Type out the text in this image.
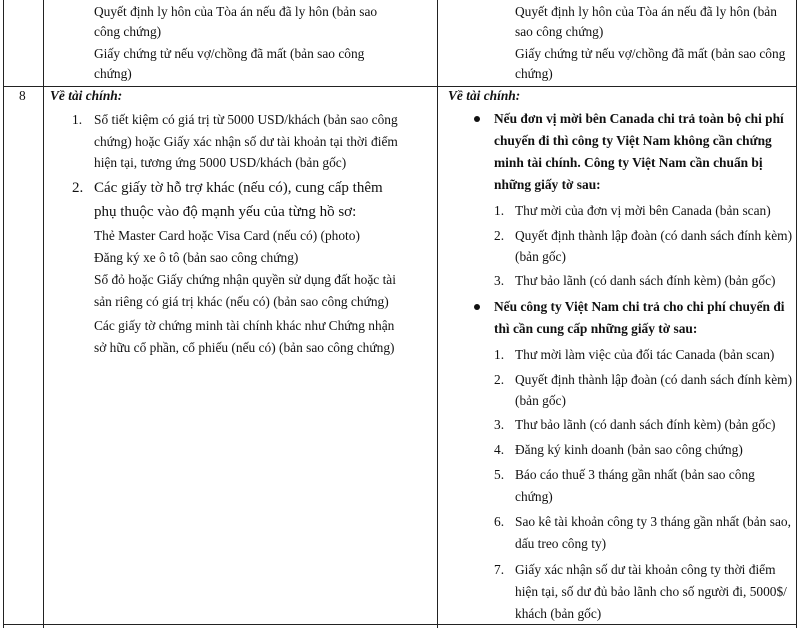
Quyết định ly hôn của Tòa án nếu đã ly hôn (bản sao
công chứng)
Giấy chứng tử nếu vợ/chồng đã mất (bản sao công
chứng)
Quyết định ly hôn của Tòa án nếu đã ly hôn (bản
sao công chứng)
Giấy chứng tử nếu vợ/chồng đã mất (bản sao công
chứng)
8 Về tài chính:
1. Sổ tiết kiệm có giá trị từ 5000 USD/khách (bản sao công
chứng) hoặc Giấy xác nhận số dư tài khoản tại thời điểm
hiện tại, tương ứng 5000 USD/khách (bản gốc)
2. Các giấy tờ hỗ trợ khác (nếu có), cung cấp thêm
phụ thuộc vào độ mạnh yếu của từng hồ sơ:
Thẻ Master Card hoặc Visa Card (nếu có) (photo)
Đăng ký xe ô tô (bản sao công chứng)
Sổ đỏ hoặc Giấy chứng nhận quyền sử dụng đất hoặc tài
sản riêng có giá trị khác (nếu có) (bản sao công chứng)
Các giấy tờ chứng minh tài chính khác như Chứng nhận
sở hữu cổ phần, cổ phiếu (nếu có) (bản sao công chứng)
Về tài chính:
Nếu đơn vị mời bên Canada chi trả toàn bộ chi phí
chuyến đi thì công ty Việt Nam không cần chứng
minh tài chính. Công ty Việt Nam cần chuẩn bị
những giấy tờ sau:
1. Thư mời của đơn vị mời bên Canada (bản scan)
2. Quyết định thành lập đoàn (có danh sách đính kèm)
(bản gốc)
3. Thư bảo lãnh (có danh sách đính kèm) (bản gốc)
Nếu công ty Việt Nam chi trả cho chi phí chuyến đi
thì cần cung cấp những giấy tờ sau:
1. Thư mời làm việc của đối tác Canada (bản scan)
2. Quyết định thành lập đoàn (có danh sách đính kèm)
(bản gốc)
3. Thư bảo lãnh (có danh sách đính kèm) (bản gốc)
4. Đăng ký kinh doanh (bản sao công chứng)
5. Báo cáo thuế 3 tháng gần nhất (bản sao công
chứng)
6. Sao kê tài khoản công ty 3 tháng gần nhất (bản sao,
dấu treo công ty)
7. Giấy xác nhận số dư tài khoản công ty thời điểm
hiện tại, số dư đủ bảo lãnh cho số người đi, 5000$/
khách (bản gốc)
